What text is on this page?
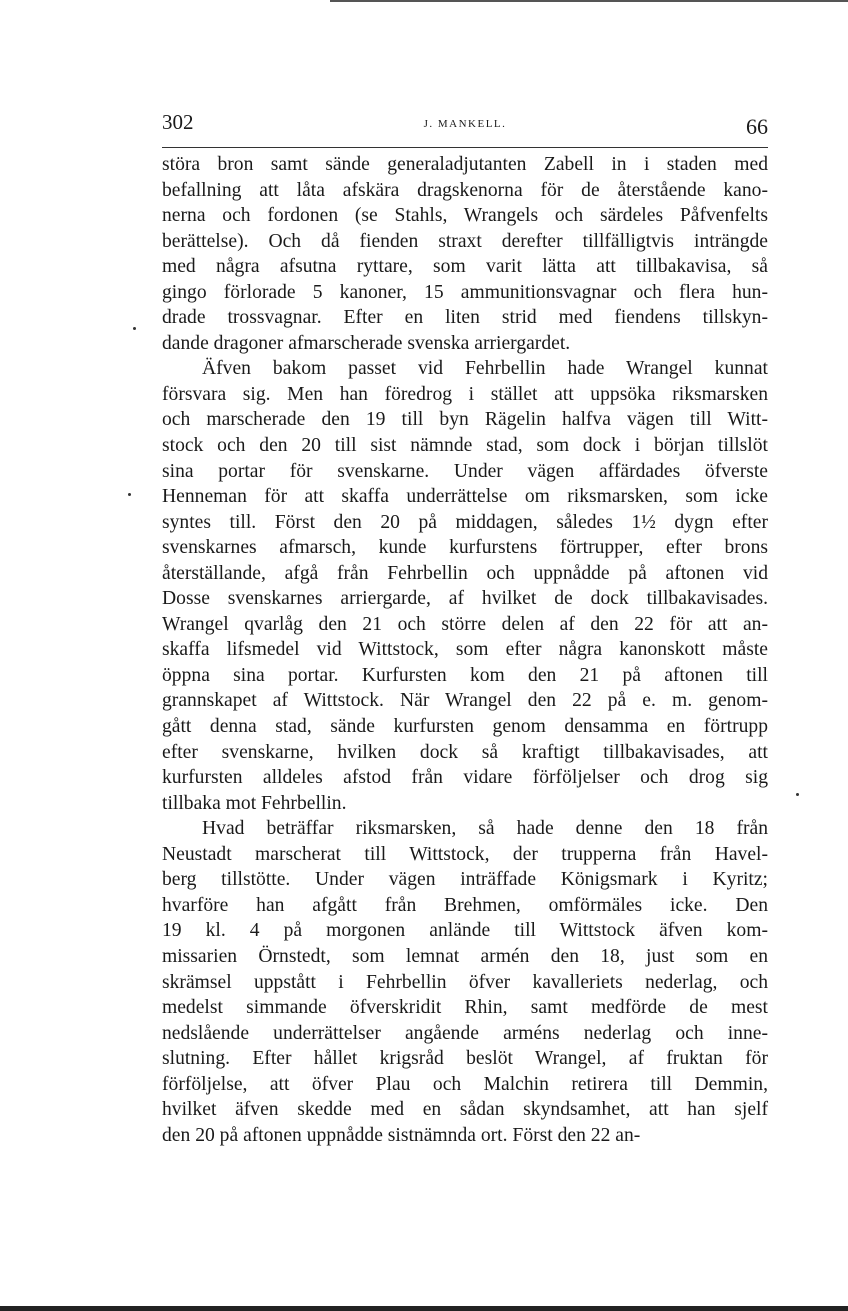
302	J. MANKELL.	66
störa bron samt sände generaladjutanten Zabell in i staden med
befallning att låta afskära dragskenorna för de återstående kano-
nerna och fordonen (se Stahls, Wrangels och särdeles Påfvenfelts
berättelse). Och då fienden straxt derefter tillfälligtvis inträngde
med några afsutna ryttare, som varit lätta att tillbakavisa, så
gingo förlorade 5 kanoner, 15 ammunitionsvagnar och flera hun-
drade trossvagnar. Efter en liten strid med fiendens tillskyn-
dande dragoner afmarscherade svenska arriergardet.
Äfven bakom passet vid Fehrbellin hade Wrangel kunnat
försvara sig. Men han föredrog i stället att uppsöka riksmarsken
och marscherade den 19 till byn Rägelin halfva vägen till Witt-
stock och den 20 till sist nämnde stad, som dock i början tillslöt
sina portar för svenskarne. Under vägen affärdades öfverste
Henneman för att skaffa underrättelse om riksmarsken, som icke
syntes till. Först den 20 på middagen, således 1½ dygn efter
svenskarnes afmarsch, kunde kurfurstens förtrupper, efter brons
återställande, afgå från Fehrbellin och uppnådde på aftonen vid
Dosse svenskarnes arriergarde, af hvilket de dock tillbakavisades.
Wrangel qvarlåg den 21 och större delen af den 22 för att an-
skaffa lifsmedel vid Wittstock, som efter några kanonskott måste
öppna sina portar. Kurfursten kom den 21 på aftonen till
grannskapet af Wittstock. När Wrangel den 22 på e. m. genom-
gått denna stad, sände kurfursten genom densamma en förtrupp
efter svenskarne, hvilken dock så kraftigt tillbakavisades, att
kurfursten alldeles afstod från vidare förföljelser och drog sig
tillbaka mot Fehrbellin.
Hvad beträffar riksmarsken, så hade denne den 18 från
Neustadt marscherat till Wittstock, der trupperna från Havel-
berg tillstötte. Under vägen inträffade Königsmark i Kyritz;
hvarföre han afgått från Brehmen, omförmäles icke. Den
19 kl. 4 på morgonen anlände till Wittstock äfven kom-
missarien Örnstedt, som lemnat armén den 18, just som en
skrämsel uppstått i Fehrbellin öfver kavalleriets nederlag, och
medelst simmande öfverskridit Rhin, samt medförde de mest
nedslående underrättelser angående arméns nederlag och inne-
slutning. Efter hållet krigsråd beslöt Wrangel, af fruktan för
förföljelse, att öfver Plau och Malchin retirera till Demmin,
hvilket äfven skedde med en sådan skyndsamhet, att han sjelf
den 20 på aftonen uppnådde sistnämnda ort. Först den 22 an-
